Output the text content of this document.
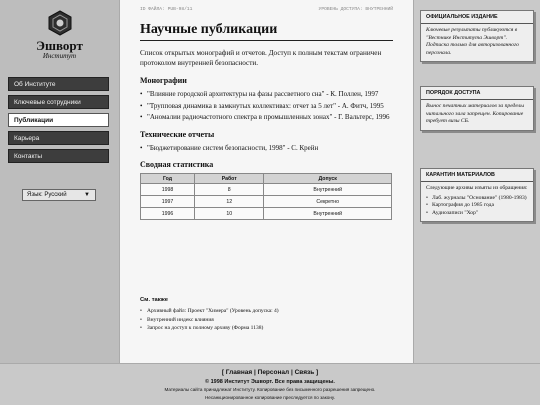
Эшворт
Институт
Об Институте
Ключевые сотрудники
Публикации
Карьера
Контакты
Язык: Русский	▼
ID ФАЙЛА: PUB-98/11	УРОВЕНЬ ДОСТУПА: ВНУТРЕННИЙ
Научные публикации

Список открытых монографий и отчетов. Доступ к полным текстам ограничен протоколом внутренней безопасности.

Монографии
• "Влияние городской архитектуры на фазы рассветного сна" - К. Поллен, 1997
• "Трупповая динамика в замкнутых коллективах: отчет за 5 лет" - А. Фитч, 1995
• "Аномалии радиочастотного спектра в промышленных зонах" - Г. Вальтерс, 1996
Технические отчеты
• "Бюджетирование систем безопасности, 1998" - С. Крейн
Сводная статистика
Год	Работ	Допуск
1998	8	Внутренний
1997	12	Секретно
1996	10	Внутренний
См. также
• Архивный файл: Проект "Химера" (Уровень допуска: 4)
• Внутренний индекс влияния
• Запрос на доступ к полному архиву (Форма 1138)
ОФИЦИАЛЬНОЕ ИЗДАНИЕ
Ключевые результаты публикуются в "Вестнике Института Эшворт". Подписка только для авторизованного персонала.
ПОРЯДОК ДОСТУПА
Вынос печатных материалов за пределы читального зала запрещен. Копирование требует визы СБ.
КАРАНТИН МАТЕРИАЛОВ
Следующие архивы изъяты из обращения:
• Лаб. журналы "Основание" (1980-1983)
• Картография до 1985 года
• Аудиозаписи "Хор"
[ Главная | Персонал | Связь ]
© 1998 Институт Эшворт. Все права защищены.
Материалы сайта принадлежат Институту. Копирование без письменного разрешения запрещено.
Несанкционированное копирование преследуется по закону.
